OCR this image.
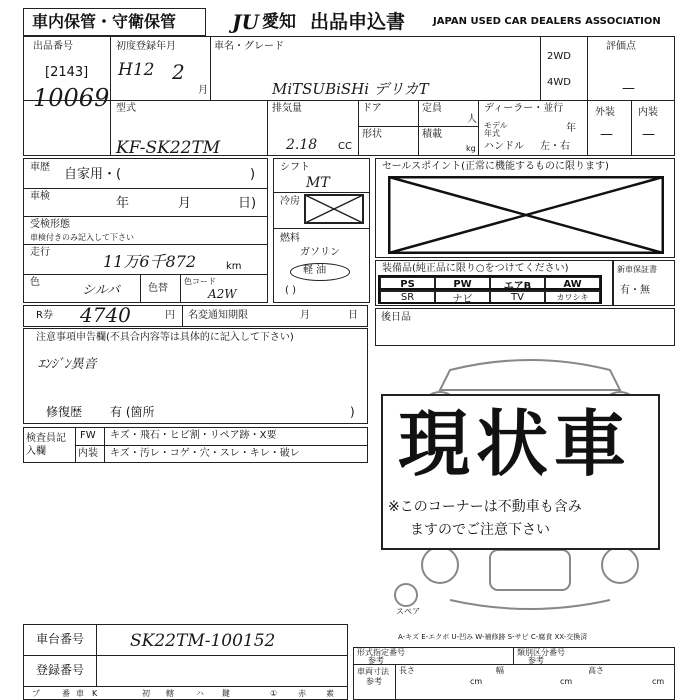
車内保管・守衛保管	JU 愛知 出品申込書	JAPAN USED CAR DEALERS ASSOCIATION
出品番号
[2143]
10069
初度登録年月
H12 2
月
車名・グレード
MiTSUBiSHi デリカT
2WD
4WD
評価点
—
型式
KF-SK22TM
排気量
2.18 CC
ドア	定員
人
形状	積載
kg
ディーラー・並行
モデル年式	年
ハンドル 左・右
外装 内装
— —
車歴 自家用・(	)
車検	年	月	日)
受検形態
車検付きのみ記入して下さい
走行	11万6千872	km
色
シルバ	色替
色コード
A2W
シフト
MT
冷房
燃料
ガソリン
軽 油
( )
セールスポイント(正常に機能するものに限ります)
装備品(純正品に限り○をつけてください)
PS	PW	エアB	AW
SR	ナビ	TV	カワシキ
新車保証書
有・無
R券 4740	円 名変通知期限	月	日
注意事項申告欄(不具合内容等は具体的に記入して下さい)
ｴﾝｼﾞﾝ異音
修復歴 有 (箇所	)
後日品
検査員記入欄
FW キズ・飛石・ヒビ割・リペア跡・X要
内装 キズ・汚レ・コゲ・穴・スレ・キレ・破レ
スペア
A-キズ E-エクボ U-凹み W-補修跡 S-サビ C-腐食 XX-交換済
現状車
※このコーナーは不動車も含み
ますのでご注意下さい
車台番号	SK22TM-100152
登録番号
プ	番 車 K	初 轄	ハ 鍵	①	赤	素
形式指定番号
参考
類別区分番号
参考
車両寸法
参考
長さ
cm
幅
cm
高さ
cm
